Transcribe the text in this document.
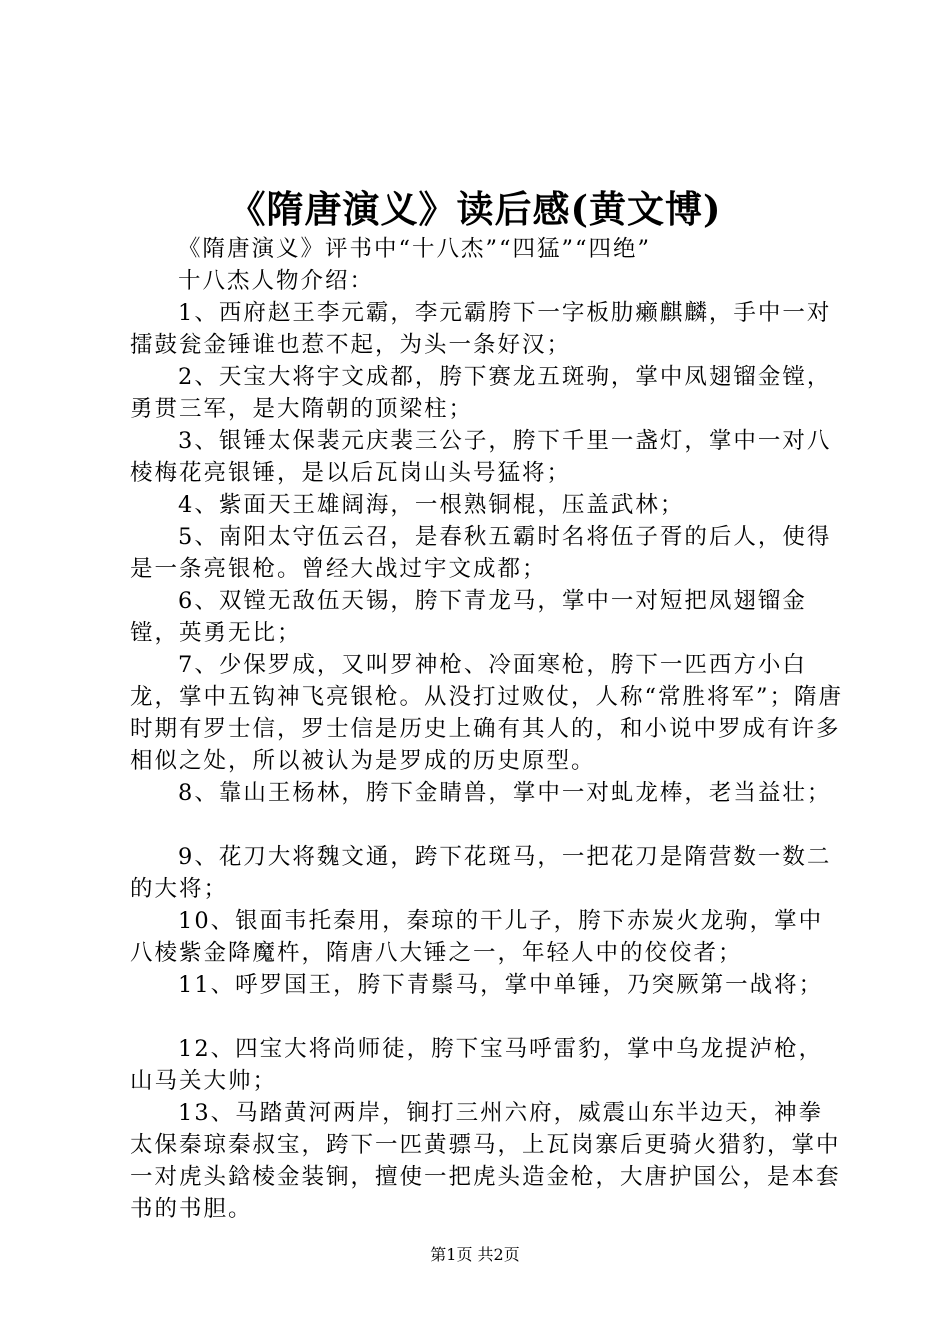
《隋唐演义》读后感(黄文博)

《隋唐演义》评书中“十八杰”“四猛”“四绝”

十八杰人物介绍：

1、西府赵王李元霸，李元霸胯下一字板肋癞麒麟，手中一对擂鼓瓮金锤谁也惹不起，为头一条好汉；

2、天宝大将宇文成都，胯下赛龙五斑驹，掌中凤翅镏金镗，勇贯三军，是大隋朝的顶梁柱；

3、银锤太保裴元庆裴三公子，胯下千里一盏灯，掌中一对八棱梅花亮银锤，是以后瓦岗山头号猛将；

4、紫面天王雄阔海，一根熟铜棍，压盖武林；

5、南阳太守伍云召，是春秋五霸时名将伍子胥的后人，使得是一条亮银枪。曾经大战过宇文成都；

6、双镗无敌伍天锡，胯下青龙马，掌中一对短把凤翅镏金镗，英勇无比；

7、少保罗成，又叫罗神枪、冷面寒枪，胯下一匹西方小白龙，掌中五钩神飞亮银枪。从没打过败仗，人称“常胜将军”；隋唐时期有罗士信，罗士信是历史上确有其人的，和小说中罗成有许多相似之处，所以被认为是罗成的历史原型。

8、靠山王杨林，胯下金睛兽，掌中一对虬龙棒，老当益壮；

9、花刀大将魏文通，跨下花斑马，一把花刀是隋营数一数二的大将；

10、银面韦托秦用，秦琼的干儿子，胯下赤炭火龙驹，掌中八棱紫金降魔杵，隋唐八大锤之一，年轻人中的佼佼者；

11、呼罗国王，胯下青鬃马，掌中单锤，乃突厥第一战将；

12、四宝大将尚师徒，胯下宝马呼雷豹，掌中乌龙提泸枪，山马关大帅；

13、马踏黄河两岸，锏打三州六府，威震山东半边天，神拳太保秦琼秦叔宝，跨下一匹黄骠马，上瓦岗寨后更骑火猎豹，掌中一对虎头鋡棱金装锏，擅使一把虎头造金枪，大唐护国公，是本套书的书胆。

第1页 共2页
